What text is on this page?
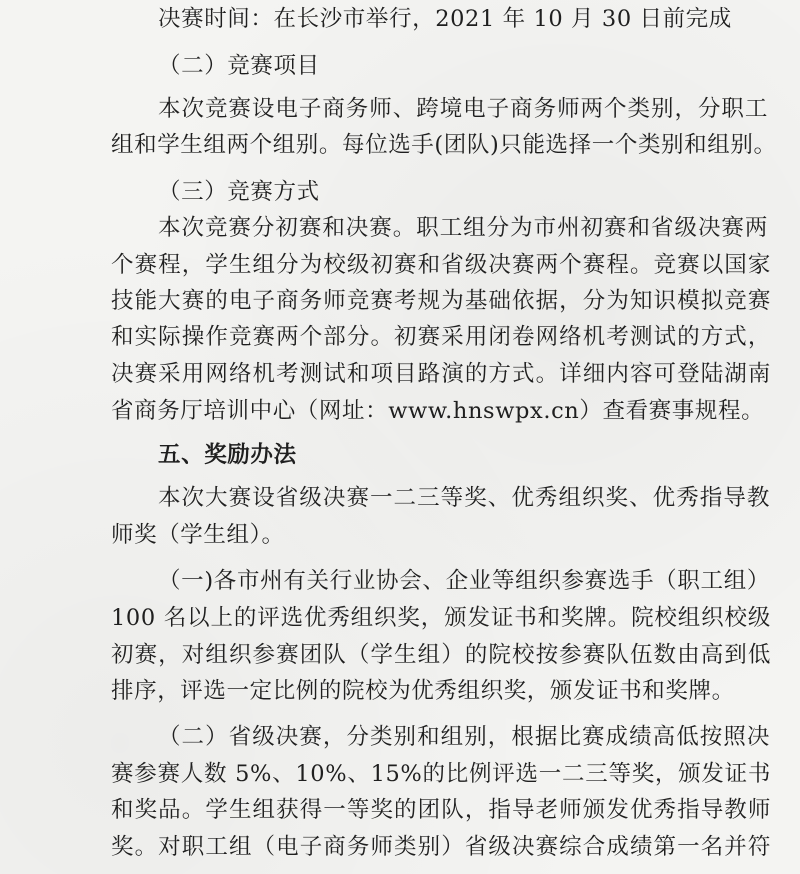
决赛时间：在长沙市举行，2021 年 10 月 30 日前完成
（二）竞赛项目
本次竞赛设电子商务师、跨境电子商务师两个类别，分职工
组和学生组两个组别。每位选手(团队)只能选择一个类别和组别。
（三）竞赛方式
本次竞赛分初赛和决赛。职工组分为市州初赛和省级决赛两
个赛程，学生组分为校级初赛和省级决赛两个赛程。竞赛以国家
技能大赛的电子商务师竞赛考规为基础依据，分为知识模拟竞赛
和实际操作竞赛两个部分。初赛采用闭卷网络机考测试的方式，
决赛采用网络机考测试和项目路演的方式。详细内容可登陆湖南
省商务厅培训中心（网址：www.hnswpx.cn）查看赛事规程。
五、奖励办法
本次大赛设省级决赛一二三等奖、优秀组织奖、优秀指导教
师奖（学生组）。
（一)各市州有关行业协会、企业等组织参赛选手（职工组）
100 名以上的评选优秀组织奖，颁发证书和奖牌。院校组织校级
初赛，对组织参赛团队（学生组）的院校按参赛队伍数由高到低
排序，评选一定比例的院校为优秀组织奖，颁发证书和奖牌。
（二）省级决赛，分类别和组别，根据比赛成绩高低按照决
赛参赛人数 5%、10%、15%的比例评选一二三等奖，颁发证书
和奖品。学生组获得一等奖的团队，指导老师颁发优秀指导教师
奖。对职工组（电子商务师类别）省级决赛综合成绩第一名并符
